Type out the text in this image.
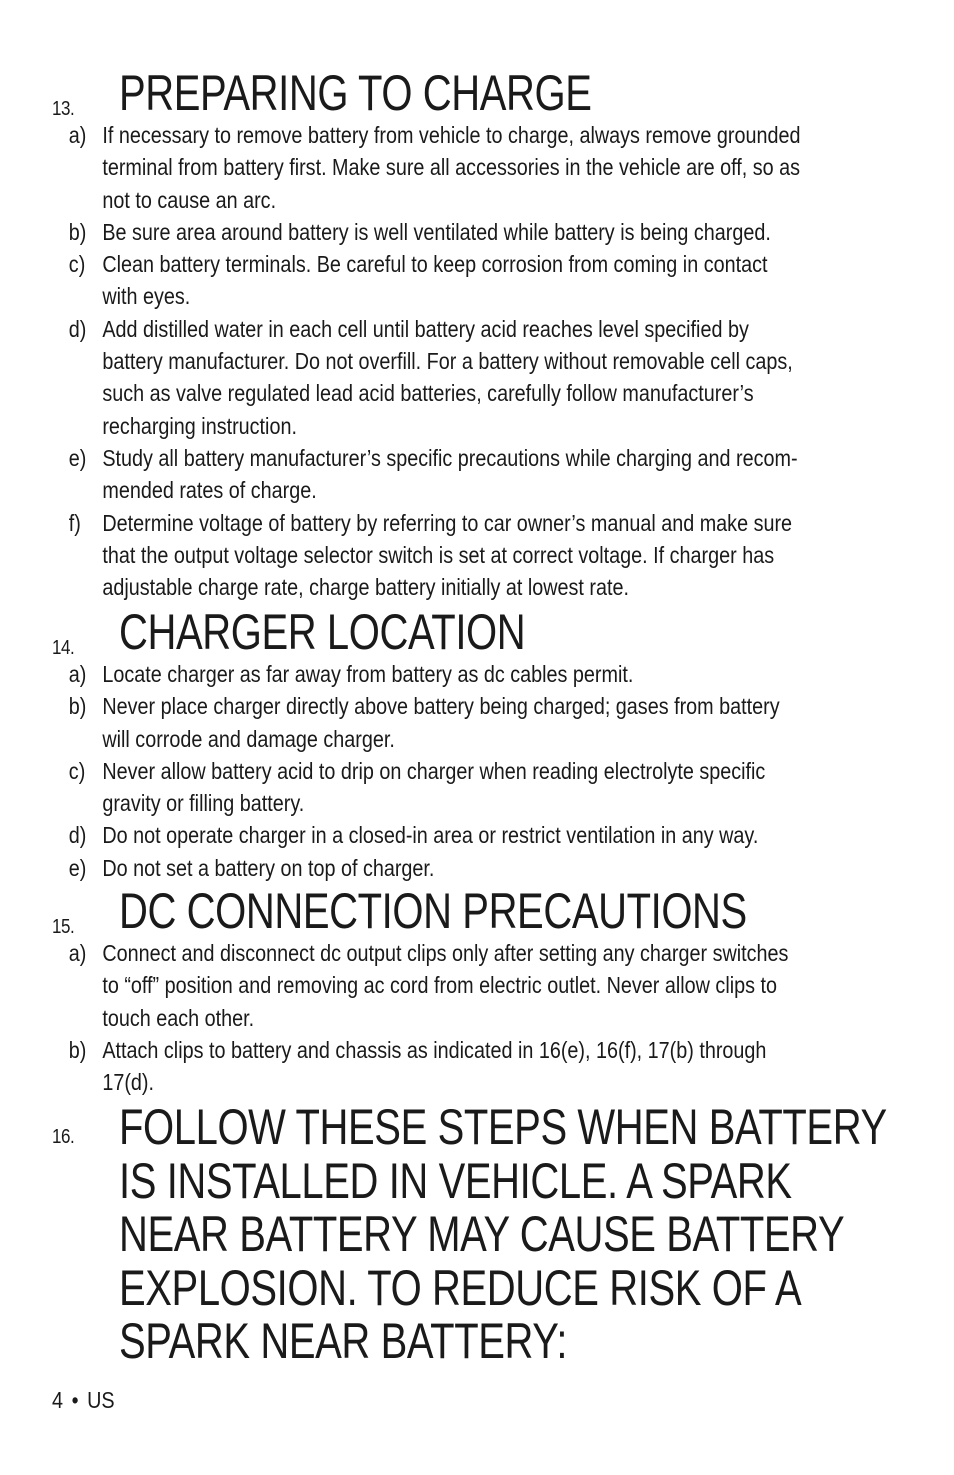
13. PREPARING TO CHARGE
a) If necessary to remove battery from vehicle to charge, always remove grounded
terminal from battery first. Make sure all accessories in the vehicle are off, so as
not to cause an arc.
b) Be sure area around battery is well ventilated while battery is being charged.
c) Clean battery terminals. Be careful to keep corrosion from coming in contact
with eyes.
d) Add distilled water in each cell until battery acid reaches level specified by
battery manufacturer. Do not overfill. For a battery without removable cell caps,
such as valve regulated lead acid batteries, carefully follow manufacturer’s
recharging instruction.
e) Study all battery manufacturer’s specific precautions while charging and recom-
mended rates of charge.
f) Determine voltage of battery by referring to car owner’s manual and make sure
that the output voltage selector switch is set at correct voltage. If charger has
adjustable charge rate, charge battery initially at lowest rate.
14. CHARGER LOCATION
a) Locate charger as far away from battery as dc cables permit.
b) Never place charger directly above battery being charged; gases from battery
will corrode and damage charger.
c) Never allow battery acid to drip on charger when reading electrolyte specific
gravity or filling battery.
d) Do not operate charger in a closed-in area or restrict ventilation in any way.
e) Do not set a battery on top of charger.
15. DC CONNECTION PRECAUTIONS
a) Connect and disconnect dc output clips only after setting any charger switches
to “off” position and removing ac cord from electric outlet. Never allow clips to
touch each other.
b) Attach clips to battery and chassis as indicated in 16(e), 16(f), 17(b) through
17(d).
16. FOLLOW THESE STEPS WHEN BATTERY
IS INSTALLED IN VEHICLE. A SPARK
NEAR BATTERY MAY CAUSE BATTERY
EXPLOSION. TO REDUCE RISK OF A
SPARK NEAR BATTERY:
4 • US
